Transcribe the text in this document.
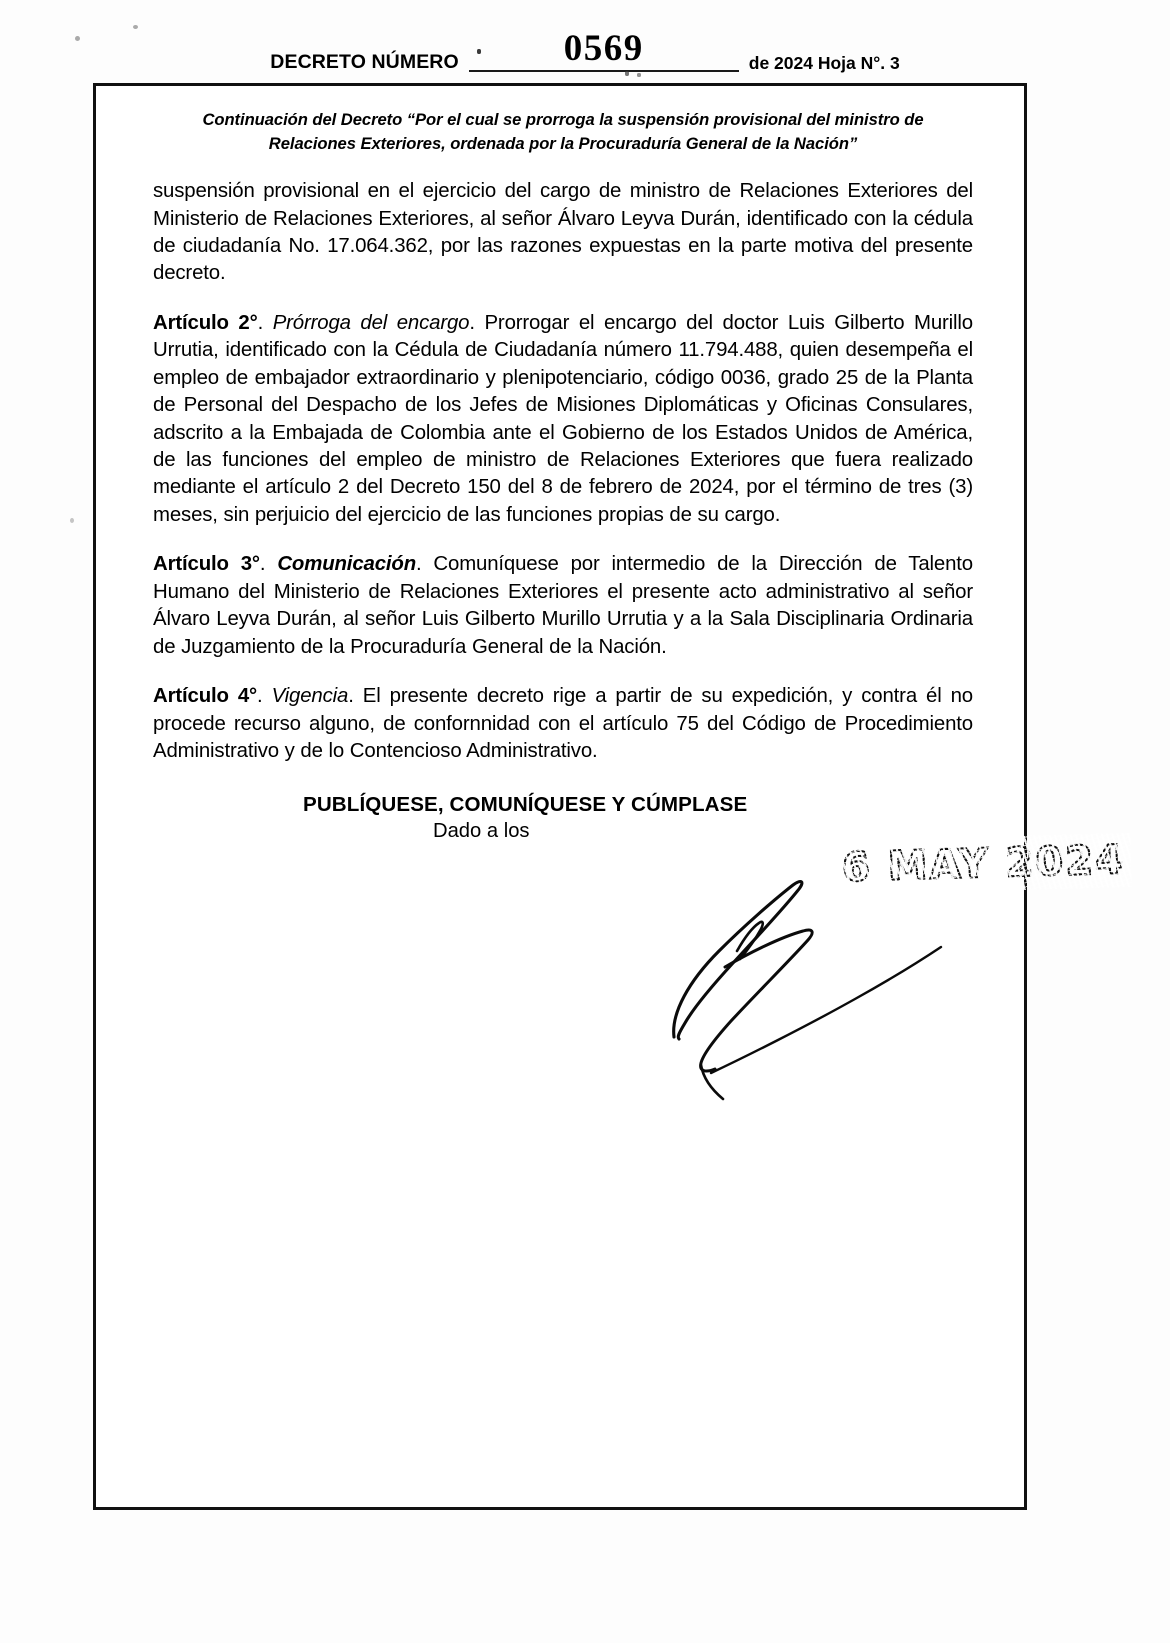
DECRETO NÚMERO	0569	de 2024 Hoja N°. 3
Continuación del Decreto “Por el cual se prorroga la suspensión provisional del ministro de Relaciones Exteriores, ordenada por la Procuraduría General de la Nación”

suspensión provisional en el ejercicio del cargo de ministro de Relaciones Exteriores del Ministerio de Relaciones Exteriores, al señor Álvaro Leyva Durán, identificado con la cédula de ciudadanía No. 17.064.362, por las razones expuestas en la parte motiva del presente decreto.

Artículo 2°. Prórroga del encargo. Prorrogar el encargo del doctor Luis Gilberto Murillo Urrutia, identificado con la Cédula de Ciudadanía número 11.794.488, quien desempeña el empleo de embajador extraordinario y plenipotenciario, código 0036, grado 25 de la Planta de Personal del Despacho de los Jefes de Misiones Diplomáticas y Oficinas Consulares, adscrito a la Embajada de Colombia ante el Gobierno de los Estados Unidos de América, de las funciones del empleo de ministro de Relaciones Exteriores que fuera realizado mediante el artículo 2 del Decreto 150 del 8 de febrero de 2024, por el término de tres (3) meses, sin perjuicio del ejercicio de las funciones propias de su cargo.

Artículo 3°. Comunicación. Comuníquese por intermedio de la Dirección de Talento Humano del Ministerio de Relaciones Exteriores el presente acto administrativo al señor Álvaro Leyva Durán, al señor Luis Gilberto Murillo Urrutia y a la Sala Disciplinaria Ordinaria de Juzgamiento de la Procuraduría General de la Nación.

Artículo 4°. Vigencia. El presente decreto rige a partir de su expedición, y contra él no procede recurso alguno, de confornnidad con el artículo 75 del Código de Procedimiento Administrativo y de lo Contencioso Administrativo.

PUBLÍQUESE, COMUNÍQUESE Y CÚMPLASE
Dado a los
6 MAY 2024
